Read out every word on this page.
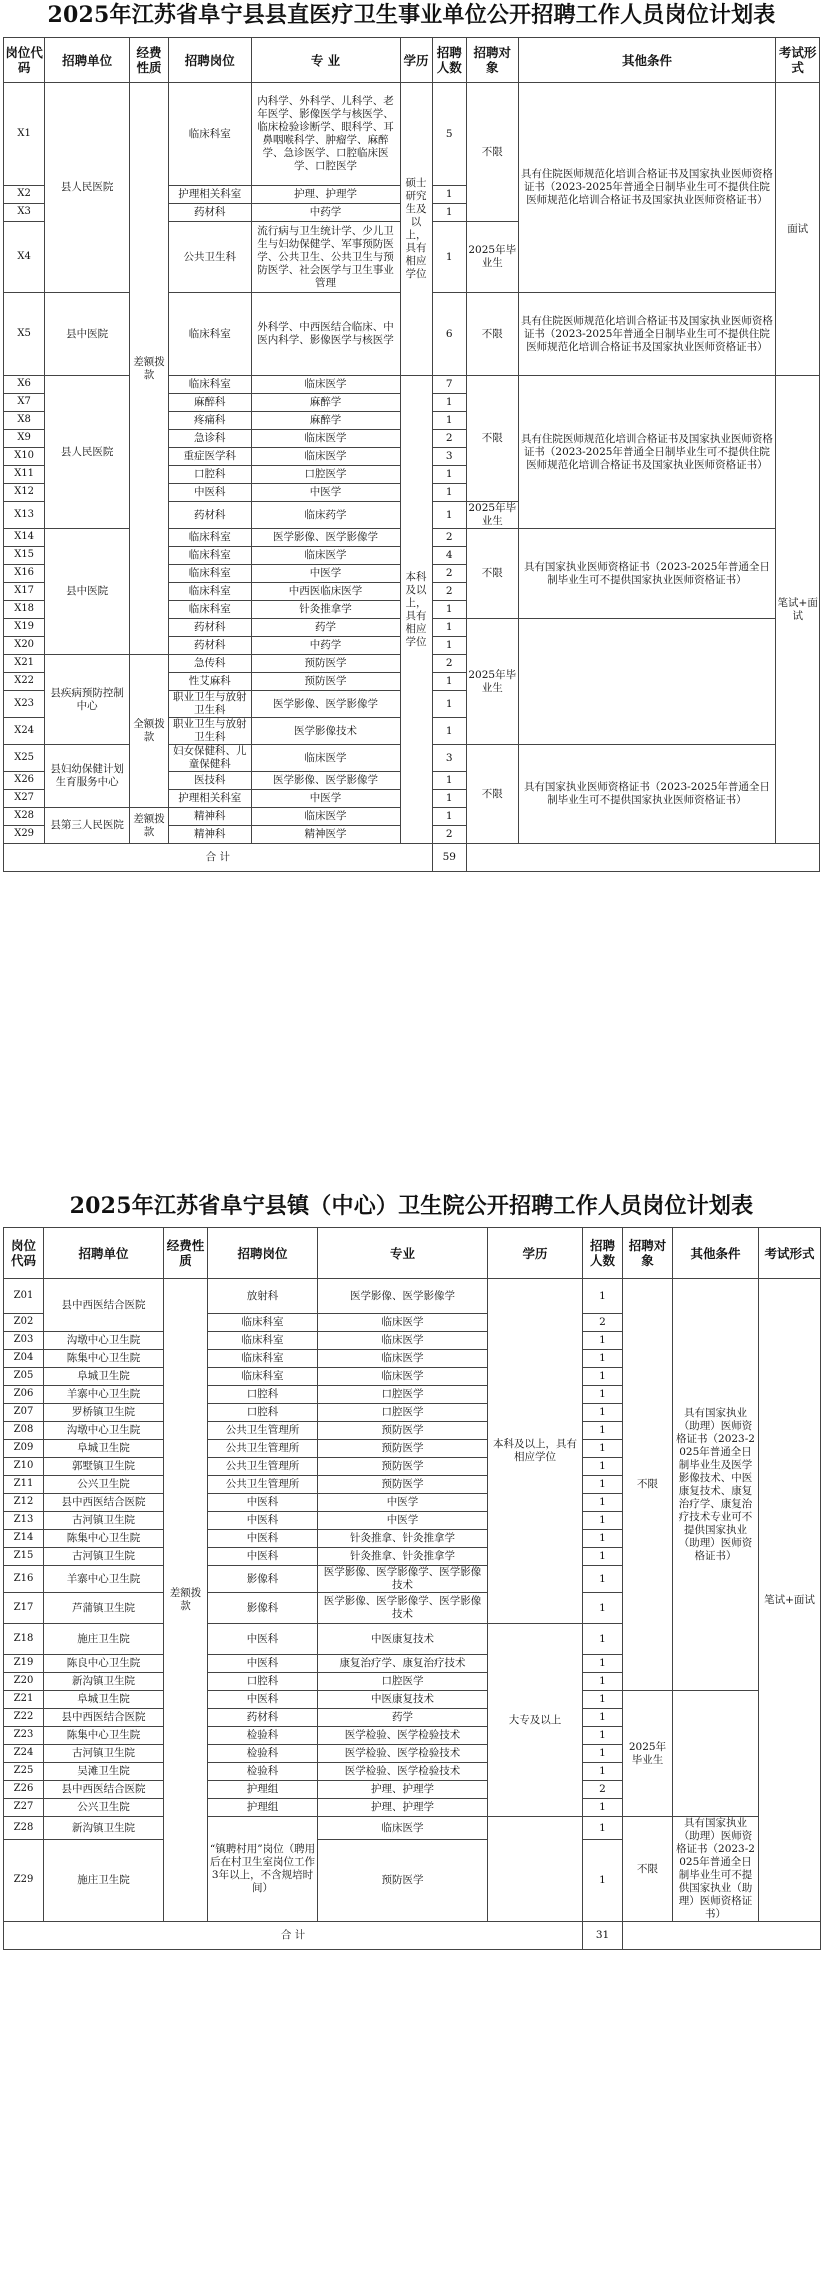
2025年江苏省阜宁县县直医疗卫生事业单位公开招聘工作人员岗位计划表
岗位代码	招聘单位	经费性质	招聘岗位	专 业	学历	招聘人数	招聘对象	其他条件	考试形式
X1	县人民医院	差额拨款	临床科室	内科学、外科学、儿科学、老年医学、影像医学与核医学、临床检验诊断学、眼科学、耳鼻咽喉科学、肿瘤学、麻醉学、急诊医学、口腔临床医学、口腔医学	硕士研究生及以上，具有相应学位	5	不限	具有住院医师规范化培训合格证书及国家执业医师资格证书（2023-2025年普通全日制毕业生可不提供住院医师规范化培训合格证书及国家执业医师资格证书）	面试
X2			护理相关科室	护理、护理学		1			
X3			药材科	中药学		1			
X4			公共卫生科	流行病与卫生统计学、少儿卫生与妇幼保健学、军事预防医学、公共卫生、公共卫生与预防医学、社会医学与卫生事业管理		1	2025年毕业生		
X5	县中医院		临床科室	外科学、中西医结合临床、中医内科学、影像医学与核医学		6	不限	具有住院医师规范化培训合格证书及国家执业医师资格证书（2023-2025年普通全日制毕业生可不提供住院医师规范化培训合格证书及国家执业医师资格证书）	
X6	县人民医院		临床科室	临床医学	本科及以上，具有相应学位	7	不限	具有住院医师规范化培训合格证书及国家执业医师资格证书（2023-2025年普通全日制毕业生可不提供住院医师规范化培训合格证书及国家执业医师资格证书）	笔试+面试
X7			麻醉科	麻醉学		1			
X8			疼痛科	麻醉学		1			
X9			急诊科	临床医学		2			
X10			重症医学科	临床医学		3			
X11			口腔科	口腔医学		1			
X12			中医科	中医学		1			
X13			药材科	临床药学		1	2025年毕业生		
X14	县中医院		临床科室	医学影像、医学影像学		2	不限	具有国家执业医师资格证书（2023-2025年普通全日制毕业生可不提供国家执业医师资格证书）	
X15			临床科室	临床医学		4			
X16			临床科室	中医学		2			
X17			临床科室	中西医临床医学		2			
X18			临床科室	针灸推拿学		1			
X19			药材科	药学		1	2025年毕业生		
X20			药材科	中药学		1			
X21	县疾病预防控制中心	全额拨款	急传科	预防医学		2			
X22			性艾麻科	预防医学		1			
X23			职业卫生与放射卫生科	医学影像、医学影像学		1			
X24			职业卫生与放射卫生科	医学影像技术		1			
X25	县妇幼保健计划生育服务中心		妇女保健科、儿童保健科	临床医学		3	不限	具有国家执业医师资格证书（2023-2025年普通全日制毕业生可不提供国家执业医师资格证书）	
X26			医技科	医学影像、医学影像学		1			
X27			护理相关科室	中医学		1			
X28	县第三人民医院	差额拨款	精神科	临床医学		1			
X29			精神科	精神医学		2			
合 计						59			
2025年江苏省阜宁县镇（中心）卫生院公开招聘工作人员岗位计划表
岗位代码	招聘单位	经费性质	招聘岗位	专业	学历	招聘人数	招聘对象	其他条件	考试形式
Z01	县中西医结合医院	差额拨款	放射科	医学影像、医学影像学	本科及以上，具有相应学位	1	不限	具有国家执业（助理）医师资格证书（2023-2025年普通全日制毕业生及医学影像技术、中医康复技术、康复治疗学、康复治疗技术专业可不提供国家执业（助理）医师资格证书）	笔试+面试
Z02			临床科室	临床医学		2			
Z03	沟墩中心卫生院		临床科室	临床医学		1			
Z04	陈集中心卫生院		临床科室	临床医学		1			
Z05	阜城卫生院		临床科室	临床医学		1			
Z06	羊寨中心卫生院		口腔科	口腔医学		1			
Z07	罗桥镇卫生院		口腔科	口腔医学		1			
Z08	沟墩中心卫生院		公共卫生管理所	预防医学		1			
Z09	阜城卫生院		公共卫生管理所	预防医学		1			
Z10	郭墅镇卫生院		公共卫生管理所	预防医学		1			
Z11	公兴卫生院		公共卫生管理所	预防医学		1			
Z12	县中西医结合医院		中医科	中医学		1			
Z13	古河镇卫生院		中医科	中医学		1			
Z14	陈集中心卫生院		中医科	针灸推拿、针灸推拿学		1			
Z15	古河镇卫生院		中医科	针灸推拿、针灸推拿学		1			
Z16	羊寨中心卫生院		影像科	医学影像、医学影像学、医学影像技术		1			
Z17	芦蒲镇卫生院		影像科	医学影像、医学影像学、医学影像技术		1			
Z18	施庄卫生院		中医科	中医康复技术	大专及以上	1			
Z19	陈良中心卫生院		中医科	康复治疗学、康复治疗技术		1			
Z20	新沟镇卫生院		口腔科	口腔医学		1			
Z21	阜城卫生院		中医科	中医康复技术		1	2025年毕业生		
Z22	县中西医结合医院		药材科	药学		1			
Z23	陈集中心卫生院		检验科	医学检验、医学检验技术		1			
Z24	古河镇卫生院		检验科	医学检验、医学检验技术		1			
Z25	吴滩卫生院		检验科	医学检验、医学检验技术		1			
Z26	县中西医结合医院		护理组	护理、护理学		2			
Z27	公兴卫生院		护理组	护理、护理学		1			
Z28	新沟镇卫生院		“镇聘村用”岗位（聘用后在村卫生室岗位工作3年以上，不含规培时间）	临床医学		1	不限	具有国家执业（助理）医师资格证书（2023-2025年普通全日制毕业生可不提供国家执业（助理）医师资格证书）	
Z29	施庄卫生院			预防医学		1			
合 计						31			
